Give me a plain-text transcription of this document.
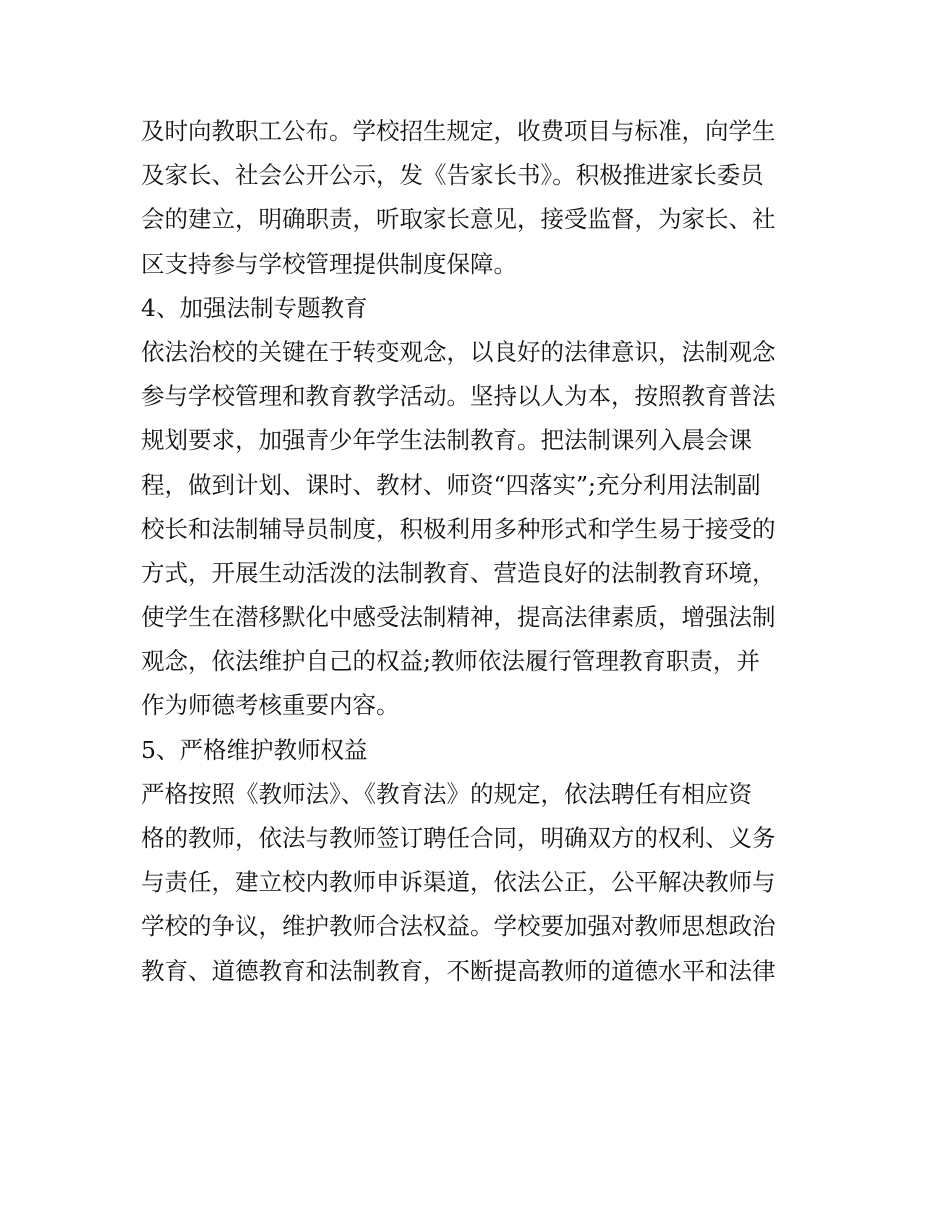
及时向教职工公布。学校招生规定，收费项目与标准，向学生
及家长、社会公开公示，发《告家长书》。积极推进家长委员
会的建立，明确职责，听取家长意见，接受监督，为家长、社
区支持参与学校管理提供制度保障。
4、加强法制专题教育
依法治校的关键在于转变观念，以良好的法律意识，法制观念
参与学校管理和教育教学活动。坚持以人为本，按照教育普法
规划要求，加强青少年学生法制教育。把法制课列入晨会课
程，做到计划、课时、教材、师资“四落实”;充分利用法制副
校长和法制辅导员制度，积极利用多种形式和学生易于接受的
方式，开展生动活泼的法制教育、营造良好的法制教育环境，
使学生在潜移默化中感受法制精神，提高法律素质，增强法制
观念，依法维护自己的权益;教师依法履行管理教育职责，并
作为师德考核重要内容。
5、严格维护教师权益
严格按照《教师法》、《教育法》的规定，依法聘任有相应资
格的教师，依法与教师签订聘任合同，明确双方的权利、义务
与责任，建立校内教师申诉渠道，依法公正，公平解决教师与
学校的争议，维护教师合法权益。学校要加强对教师思想政治
教育、道德教育和法制教育，不断提高教师的道德水平和法律
